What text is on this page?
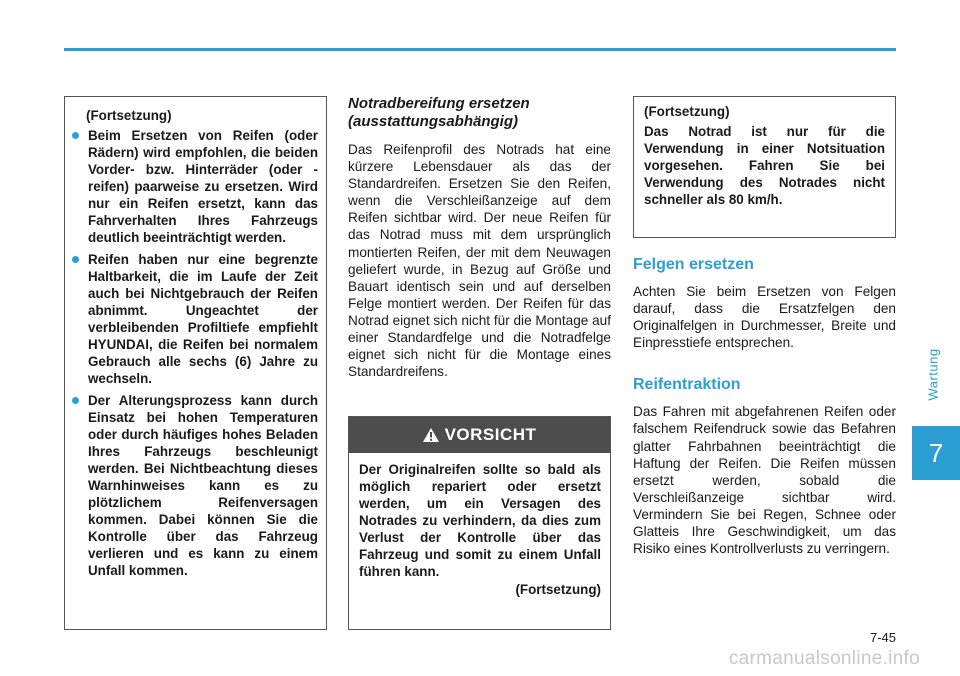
Wartung
7
(Fortsetzung)
Beim Ersetzen von Reifen (oder Rädern) wird empfohlen, die beiden Vorder- bzw. Hinterräder (oder -reifen) paarweise zu ersetzen. Wird nur ein Reifen ersetzt, kann das Fahrverhalten Ihres Fahrzeugs deutlich beeinträchtigt werden.
Reifen haben nur eine begrenzte Haltbarkeit, die im Laufe der Zeit auch bei Nichtgebrauch der Reifen abnimmt. Ungeachtet der verbleibenden Profiltiefe empfiehlt HYUNDAI, die Reifen bei normalem Gebrauch alle sechs (6) Jahre zu wechseln.
Der Alterungsprozess kann durch Einsatz bei hohen Temperaturen oder durch häufiges hohes Beladen Ihres Fahrzeugs beschleunigt werden. Bei Nichtbeachtung dieses Warnhinweises kann es zu plötzlichem Reifenversagen kommen. Dabei können Sie die Kontrolle über das Fahrzeug verlieren und es kann zu einem Unfall kommen.
Notradbereifung ersetzen (ausstattungsabhängig)

Das Reifenprofil des Notrads hat eine kürzere Lebensdauer als das der Standardreifen. Ersetzen Sie den Reifen, wenn die Verschleißanzeige auf dem Reifen sichtbar wird. Der neue Reifen für das Notrad muss mit dem ursprünglich montierten Reifen, der mit dem Neuwagen geliefert wurde, in Bezug auf Größe und Bauart identisch sein und auf derselben Felge montiert werden. Der Reifen für das Notrad eignet sich nicht für die Montage auf einer Standardfelge und die Notradfelge eignet sich nicht für die Montage eines Standardreifens.

VORSICHT

Der Originalreifen sollte so bald als möglich repariert oder ersetzt werden, um ein Versagen des Notrades zu verhindern, da dies zum Verlust der Kontrolle über das Fahrzeug und somit zu einem Unfall führen kann.

(Fortsetzung)
(Fortsetzung)

Das Notrad ist nur für die Verwendung in einer Notsituation vorgesehen. Fahren Sie bei Verwendung des Notrades nicht schneller als 80 km/h.

Felgen ersetzen

Achten Sie beim Ersetzen von Felgen darauf, dass die Ersatzfelgen den Originalfelgen in Durchmesser, Breite und Einpresstiefe entsprechen.

Reifentraktion

Das Fahren mit abgefahrenen Reifen oder falschem Reifendruck sowie das Befahren glatter Fahrbahnen beeinträchtigt die Haftung der Reifen. Die Reifen müssen ersetzt werden, sobald die Verschleißanzeige sichtbar wird. Vermindern Sie bei Regen, Schnee oder Glatteis Ihre Geschwindigkeit, um das Risiko eines Kontrollverlusts zu verringern.

7-45
carmanualsonline.info
